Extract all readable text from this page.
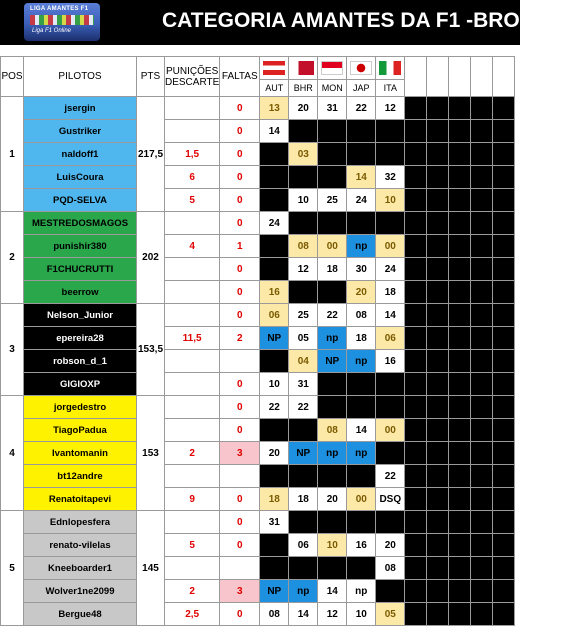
LIGA AMANTES F1
Liga F1 Online	CATEGORIA AMANTES DA F1 -BRONZE
POS	PILOTOS	PTS	PUNIÇÕES
DESCARTE	FALTAS										
					AUT	BHR	MON	JAP	ITA					
1	jsergin	217,5		0	13	20	31	22	12					
	Gustriker			0	14									
	naldoff1		1,5	0		03								
	LuisCoura		6	0				14	32					
	PQD-SELVA		5	0		10	25	24	10					
2	MESTREDOSMAGOS	202		0	24									
	punishir380		4	1		08	00	np	00					
	F1CHUCRUTTI			0		12	18	30	24					
	beerrow			0	16			20	18					
3	Nelson_Junior	153,5		0	06	25	22	08	14					
	epereira28		11,5	2	NP	05	np	18	06					
	robson_d_1					04	NP	np	16					
	GIGIOXP			0	10	31								
4	jorgedestro	153		0	22	22								
	TiagoPadua			0			08	14	00					
	Ivantomanin		2	3	20	NP	np	np						
	bt12andre								22					
	Renatoitapevi		9	0	18	18	20	00	DSQ					
5	Ednlopesfera	145		0	31									
	renato-vilelas		5	0		06	10	16	20					
	Kneeboarder1								08					
	Wolver1ne2099		2	3	NP	np	14	np						
	Bergue48		2,5	0	08	14	12	10	05					
